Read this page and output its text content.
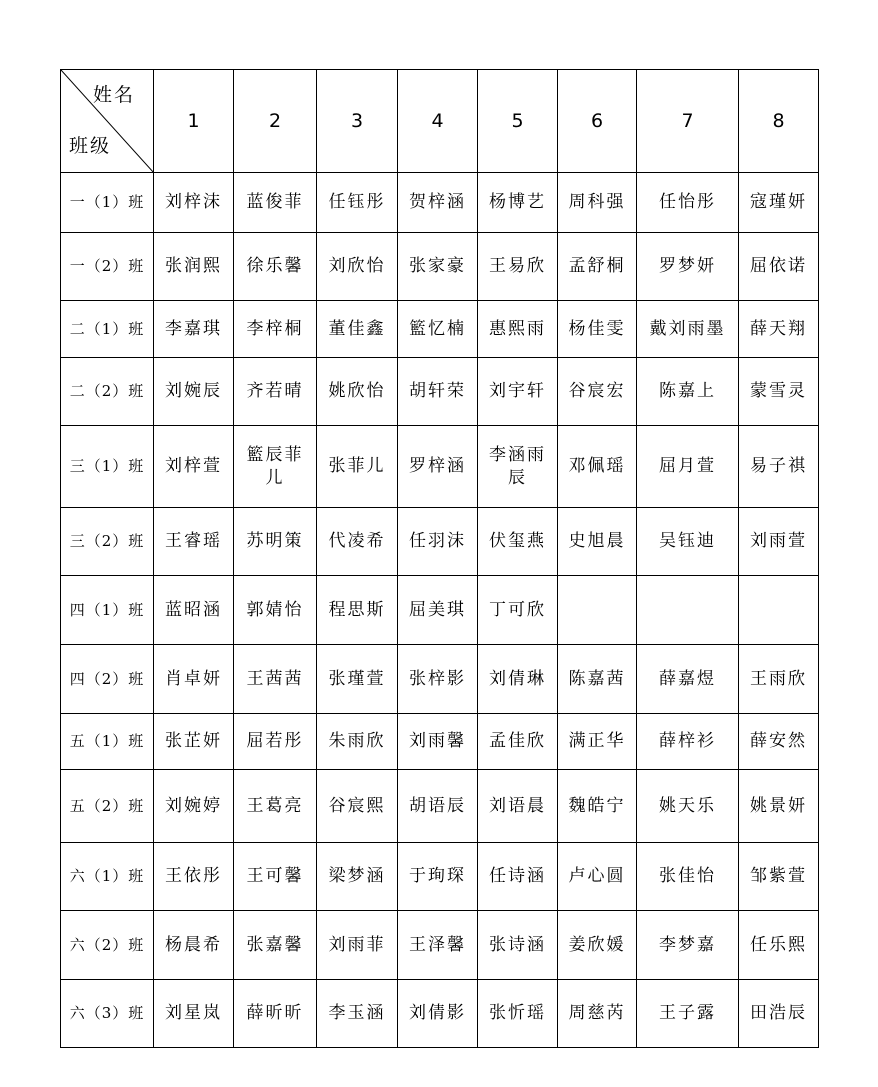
姓名
班级	1	2	3	4	5	6	7	8
一（1）班	刘梓沫	蓝俊菲	任钰彤	贺梓涵	杨博艺	周科强	任怡彤	寇瑾妍
一（2）班	张润熙	徐乐馨	刘欣怡	张家豪	王易欣	孟舒桐	罗梦妍	屈依诺
二（1）班	李嘉琪	李梓桐	董佳鑫	籃忆楠	惠熙雨	杨佳雯	戴刘雨墨	薛天翔
二（2）班	刘婉辰	齐若晴	姚欣怡	胡轩荣	刘宇轩	谷宸宏	陈嘉上	蒙雪灵
三（1）班	刘梓萱	籃辰菲儿	张菲儿	罗梓涵	李涵雨辰	邓佩瑶	屈月萱	易子祺
三（2）班	王睿瑶	苏明策	代凌希	任羽沫	伏玺燕	史旭晨	吴钰迪	刘雨萱
四（1）班	蓝昭涵	郭婧怡	程思斯	屈美琪	丁可欣			
四（2）班	肖卓妍	王茜茜	张瑾萱	张梓影	刘倩琳	陈嘉茜	薛嘉煜	王雨欣
五（1）班	张芷妍	屈若彤	朱雨欣	刘雨馨	孟佳欣	满正华	薛梓衫	薛安然
五（2）班	刘婉婷	王葛亮	谷宸熙	胡语辰	刘语晨	魏皓宁	姚天乐	姚景妍
六（1）班	王依彤	王可馨	梁梦涵	于珣琛	任诗涵	卢心圆	张佳怡	邹紫萱
六（2）班	杨晨希	张嘉馨	刘雨菲	王泽馨	张诗涵	姜欣媛	李梦嘉	任乐熙
六（3）班	刘星岚	薛昕昕	李玉涵	刘倩影	张忻瑶	周慈芮	王子露	田浩辰
